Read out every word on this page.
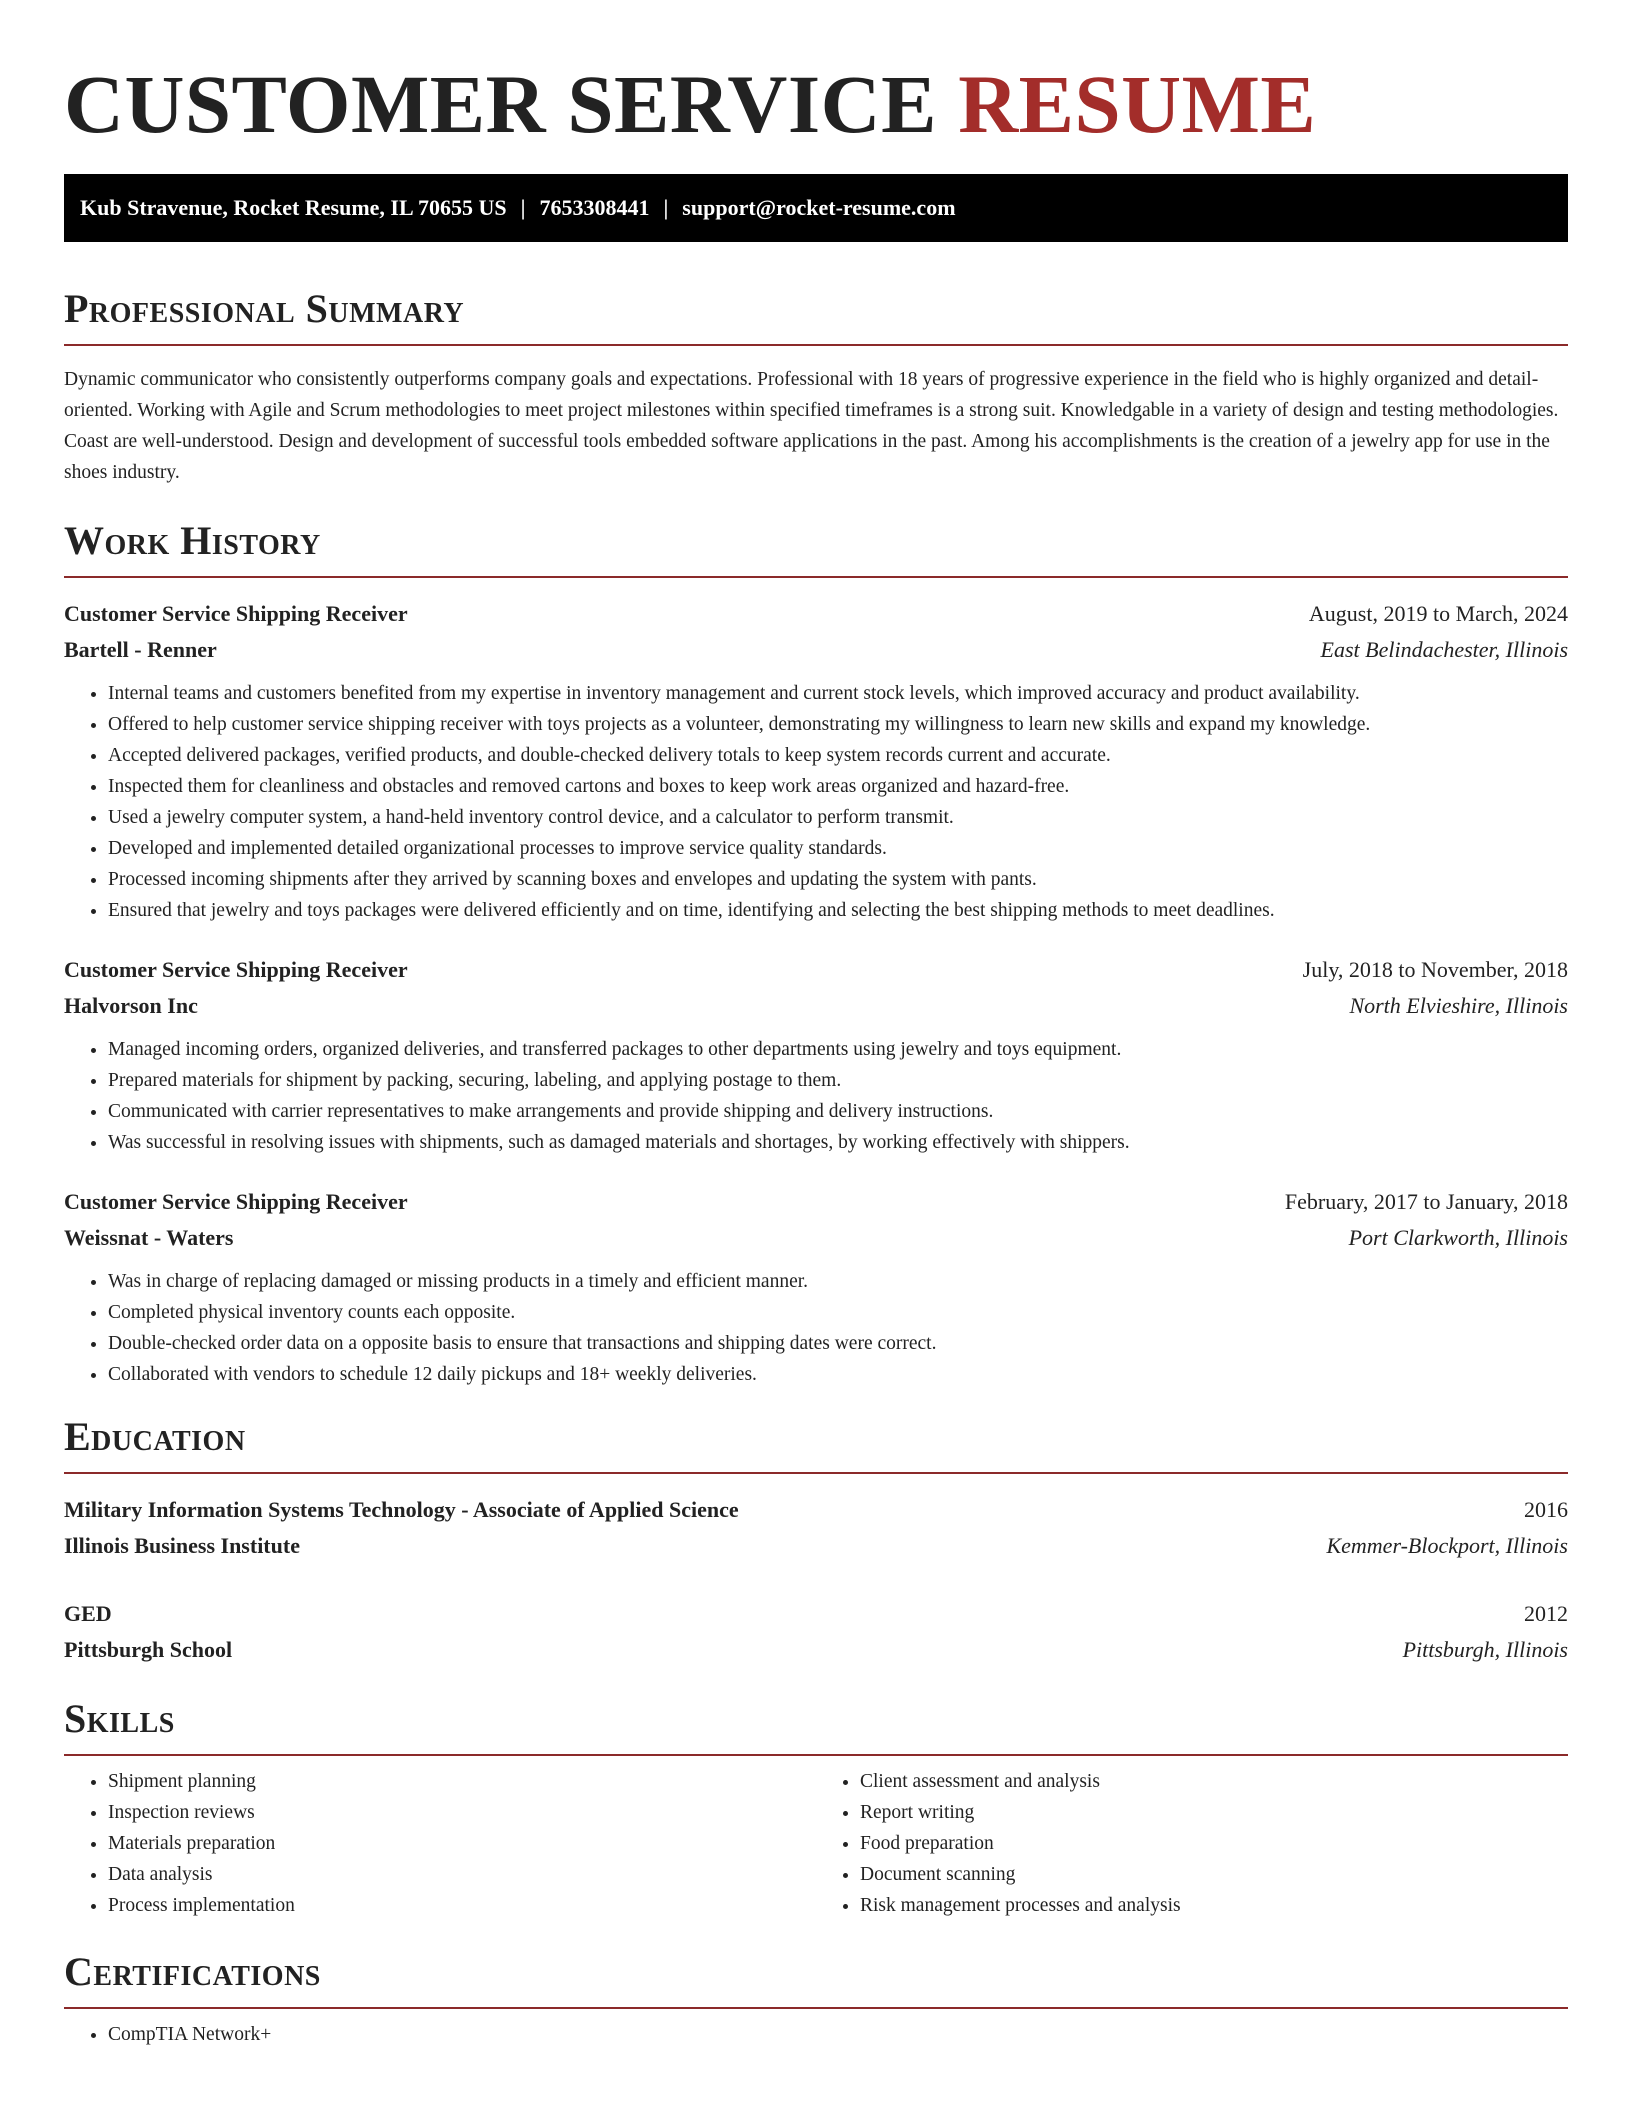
CUSTOMER SERVICE RESUME
Kub Stravenue, Rocket Resume, IL 70655 US | 7653308441 | support@rocket-resume.com
Professional Summary

Dynamic communicator who consistently outperforms company goals and expectations. Professional with 18 years of progressive experience in the field who is highly organized and detail-oriented. Working with Agile and Scrum methodologies to meet project milestones within specified timeframes is a strong suit. Knowledgable in a variety of design and testing methodologies. Coast are well-understood. Design and development of successful tools embedded software applications in the past. Among his accomplishments is the creation of a jewelry app for use in the shoes industry.

Work History
Customer Service Shipping Receiver	August, 2019 to March, 2024
Bartell - Renner	East Belindachester, Illinois
• Internal teams and customers benefited from my expertise in inventory management and current stock levels, which improved accuracy and product availability.
• Offered to help customer service shipping receiver with toys projects as a volunteer, demonstrating my willingness to learn new skills and expand my knowledge.
• Accepted delivered packages, verified products, and double-checked delivery totals to keep system records current and accurate.
• Inspected them for cleanliness and obstacles and removed cartons and boxes to keep work areas organized and hazard-free.
• Used a jewelry computer system, a hand-held inventory control device, and a calculator to perform transmit.
• Developed and implemented detailed organizational processes to improve service quality standards.
• Processed incoming shipments after they arrived by scanning boxes and envelopes and updating the system with pants.
• Ensured that jewelry and toys packages were delivered efficiently and on time, identifying and selecting the best shipping methods to meet deadlines.
Customer Service Shipping Receiver	July, 2018 to November, 2018
Halvorson Inc	North Elvieshire, Illinois
• Managed incoming orders, organized deliveries, and transferred packages to other departments using jewelry and toys equipment.
• Prepared materials for shipment by packing, securing, labeling, and applying postage to them.
• Communicated with carrier representatives to make arrangements and provide shipping and delivery instructions.
• Was successful in resolving issues with shipments, such as damaged materials and shortages, by working effectively with shippers.
Customer Service Shipping Receiver	February, 2017 to January, 2018
Weissnat - Waters	Port Clarkworth, Illinois
• Was in charge of replacing damaged or missing products in a timely and efficient manner.
• Completed physical inventory counts each opposite.
• Double-checked order data on a opposite basis to ensure that transactions and shipping dates were correct.
• Collaborated with vendors to schedule 12 daily pickups and 18+ weekly deliveries.
Education
Military Information Systems Technology - Associate of Applied Science	2016
Illinois Business Institute	Kemmer-Blockport, Illinois
GED	2012
Pittsburgh School	Pittsburgh, Illinois
Skills
• Shipment planning
• Inspection reviews
• Materials preparation
• Data analysis
• Process implementation
• Client assessment and analysis
• Report writing
• Food preparation
• Document scanning
• Risk management processes and analysis
Certifications
• CompTIA Network+
